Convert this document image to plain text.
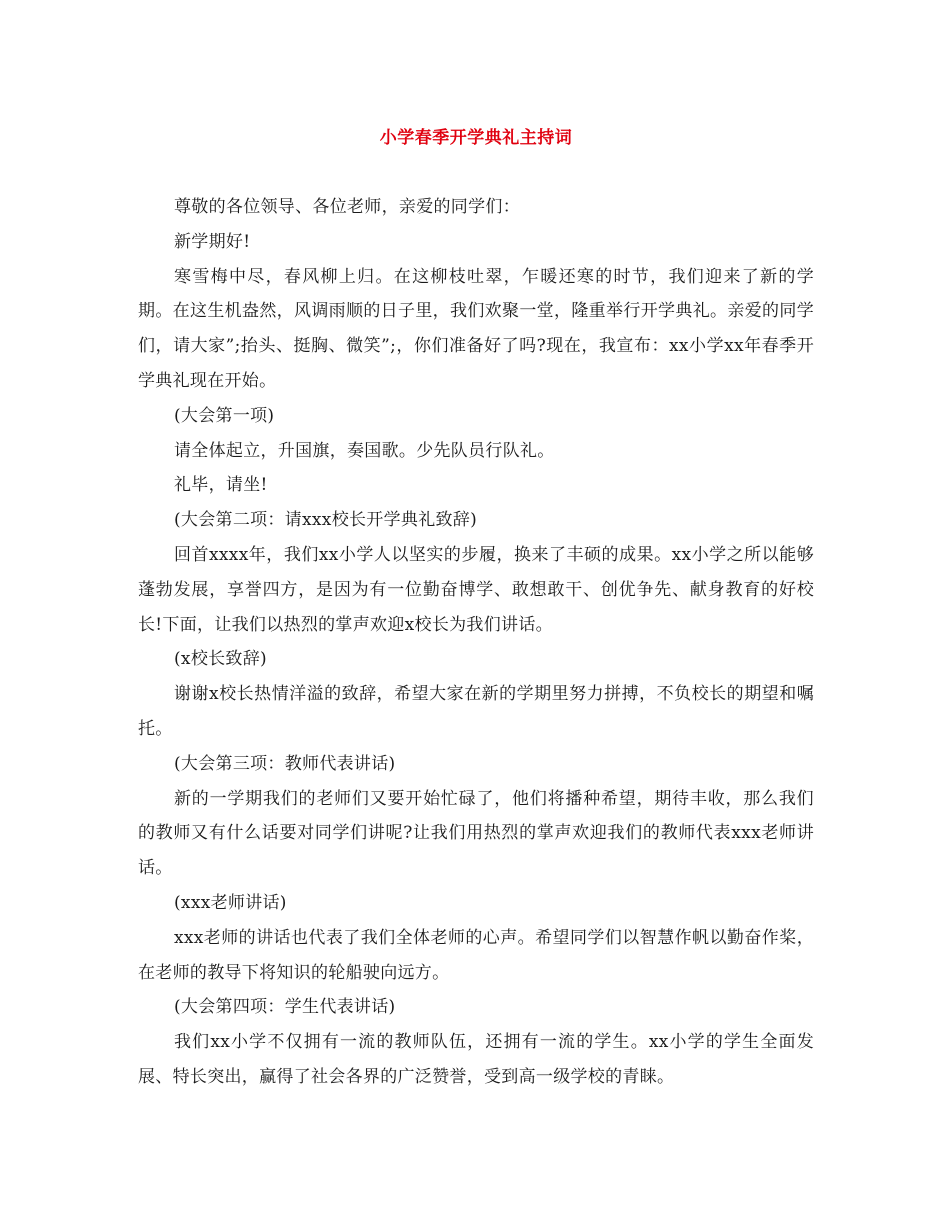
小学春季开学典礼主持词

尊敬的各位领导、各位老师，亲爱的同学们：

新学期好!

寒雪梅中尽，春风柳上归。在这柳枝吐翠，乍暖还寒的时节，我们迎来了新的学期。在这生机盎然，风调雨顺的日子里，我们欢聚一堂，隆重举行开学典礼。亲爱的同学们，请大家”;抬头、挺胸、微笑”;，你们准备好了吗?现在，我宣布：xx小学xx年春季开学典礼现在开始。

(大会第一项)

请全体起立，升国旗，奏国歌。少先队员行队礼。

礼毕，请坐!

(大会第二项：请xxx校长开学典礼致辞)

回首xxxx年，我们xx小学人以坚实的步履，换来了丰硕的成果。xx小学之所以能够蓬勃发展，享誉四方，是因为有一位勤奋博学、敢想敢干、创优争先、献身教育的好校长!下面，让我们以热烈的掌声欢迎x校长为我们讲话。

(x校长致辞)

谢谢x校长热情洋溢的致辞，希望大家在新的学期里努力拼搏，不负校长的期望和嘱托。

(大会第三项：教师代表讲话)

新的一学期我们的老师们又要开始忙碌了，他们将播种希望，期待丰收，那么我们的教师又有什么话要对同学们讲呢?让我们用热烈的掌声欢迎我们的教师代表xxx老师讲话。

(xxx老师讲话)

xxx老师的讲话也代表了我们全体老师的心声。希望同学们以智慧作帆以勤奋作桨，在老师的教导下将知识的轮船驶向远方。

(大会第四项：学生代表讲话)

我们xx小学不仅拥有一流的教师队伍，还拥有一流的学生。xx小学的学生全面发展、特长突出，赢得了社会各界的广泛赞誉，受到高一级学校的青睐。
